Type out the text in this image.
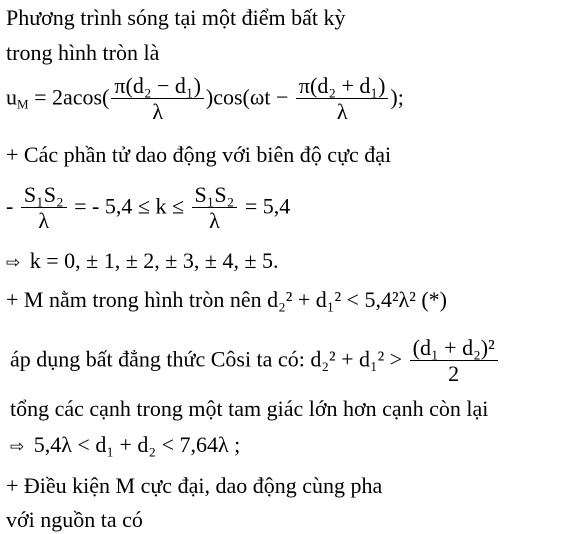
Phương trình sóng tại một điểm bất kỳ
trong hình tròn là
$u_M = 2acos( \frac{\text{π(d₂ − d₁)}}{\lambda} )\cos(\omega t - \frac{\text{π(d₂ + d₁)}}{\lambda}$ );
+ Các phần tử dao động với biên độ cực đại
- $\frac{\text{S₁S₂}}{\lambda}$ = - $5,4 \le k \le \frac{\text{S₁S₂}}{\lambda} = 5,4$
⇨ k = 0, ± 1, ± 2, ± 3, ± 4, ± 5.
+ M nằm trong hình tròn nên d₂² + d₁² < 5,4²λ² (*)
áp dụng bất đẳng thức Côsi ta có: $d_2^2 + d_1^2 > \frac{\text{(d₁ + d₂)²}}{2}$
tổng các cạnh trong một tam giác lớn hơn cạnh còn lại
⇨ 5,4λ < d₁ + d₂ < 7,64λ ;
+ Điều kiện M cực đại, dao động cùng pha
với nguồn ta có
